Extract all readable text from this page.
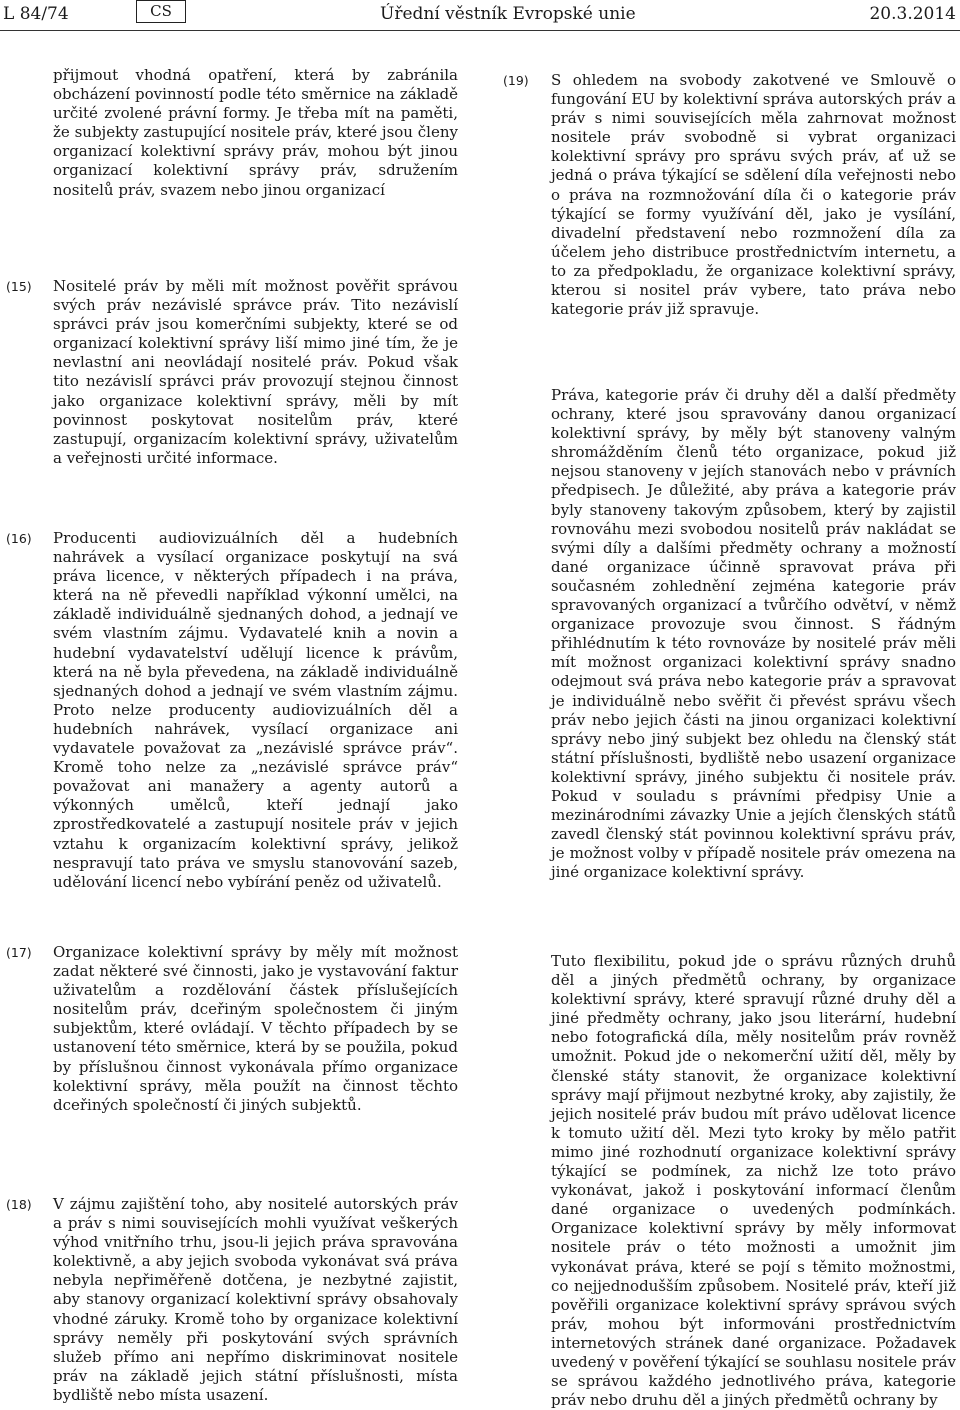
L 84/74	CS	Úřední věstník Evropské unie	20.3.2014

přijmout vhodná opatření, která by zabránila obcházení povinností podle této směrnice na základě určité zvolené právní formy. Je třeba mít na paměti, že subjekty zastupující nositele práv, které jsou členy organizací kolektivní správy práv, mohou být jinou organizací kolektivní správy práv, sdružením nositelů práv, svazem nebo jinou organizací

(15) Nositelé práv by měli mít možnost pověřit správou svých práv nezávislé správce práv. Tito nezávislí správci práv jsou komerčními subjekty, které se od organizací kolektivní správy liší mimo jiné tím, že je nevlastní ani neovládají nositelé práv. Pokud však tito nezávislí správci práv provozují stejnou činnost jako organizace kolektivní správy, měli by mít povinnost poskytovat nositelům práv, které zastupují, organizacím kolektivní správy, uživatelům a veřejnosti určité informace.

(16) Producenti audiovizuálních děl a hudebních nahrávek a vysílací organizace poskytují na svá práva licence, v některých případech i na práva, která na ně převedli například výkonní umělci, na základě individuálně sjednaných dohod, a jednají ve svém vlastním zájmu. Vydavatelé knih a novin a hudební vydavatelství udělují licence k právům, která na ně byla převedena, na základě individuálně sjednaných dohod a jednají ve svém vlastním zájmu. Proto nelze producenty audiovizuálních děl a hudebních nahrávek, vysílací organizace ani vydavatele považovat za „nezávislé správce práv“. Kromě toho nelze za „nezávislé správce práv“ považovat ani manažery a agenty autorů a výkonných umělců, kteří jednají jako zprostředkovatelé a zastupují nositele práv v jejich vztahu k organizacím kolektivní správy, jelikož nespravují tato práva ve smyslu stanovování sazeb, udělování licencí nebo vybírání peněz od uživatelů.

(19) S ohledem na svobody zakotvené ve Smlouvě o fungování EU by kolektivní správa autorských práv a práv s nimi souvisejících měla zahrnovat možnost nositele práv svobodně si vybrat organizaci kolektivní správy pro správu svých práv, ať už se jedná o práva týkající se sdělení díla veřejnosti nebo o práva na rozmnožování díla či o kategorie práv týkající se formy využívání děl, jako je vysílání, divadelní představení nebo rozmnožení díla za účelem jeho distribuce prostřednictvím internetu, a to za předpokladu, že organizace kolektivní správy, kterou si nositel práv vybere, tato práva nebo kategorie práv již spravuje.

Práva, kategorie práv či druhy děl a další předměty ochrany, které jsou spravovány danou organizací kolektivní správy, by měly být stanoveny valným shromážděním členů této organizace, pokud již nejsou stanoveny v jejích stanovách nebo v právních předpisech. Je důležité, aby práva a kategorie práv byly stanoveny takovým způsobem, který by zajistil rovnováhu mezi svobodou nositelů práv nakládat se svými díly a dalšími předměty ochrany a možností dané organizace účinně spravovat práva při současném zohlednění zejména kategorie práv spravovaných organizací a tvůrčího odvětví, v němž organizace provozuje svou činnost. S řádným přihlédnutím k této rovnováze by nositelé práv měli mít možnost organizaci kolektivní správy snadno odejmout svá práva nebo kategorie práv a spravovat je individuálně nebo svěřit či převést správu všech práv nebo jejich části na jinou organizaci kolektivní správy nebo jiný subjekt bez ohledu na členský stát státní příslušnosti, bydliště nebo usazení organizace kolektivní správy, jiného subjektu či nositele práv. Pokud v souladu s právními předpisy Unie a mezinárodními závazky Unie a jejích členských států zavedl členský stát povinnou kolektivní správu práv, je možnost volby v případě nositele práv omezena na jiné organizace kolektivní správy.

(17) Organizace kolektivní správy by měly mít možnost zadat některé své činnosti, jako je vystavování faktur uživatelům a rozdělování částek příslušejících nositelům práv, dceřiným společnostem či jiným subjektům, které ovládají. V těchto případech by se ustanovení této směrnice, která by se použila, pokud by příslušnou činnost vykonávala přímo organizace kolektivní správy, měla použít na činnost těchto dceřiných společností či jiných subjektů.

(18) V zájmu zajištění toho, aby nositelé autorských práv a práv s nimi souvisejících mohli využívat veškerých výhod vnitřního trhu, jsou-li jejich práva spravována kolektivně, a aby jejich svoboda vykonávat svá práva nebyla nepřiměřeně dotčena, je nezbytné zajistit, aby stanovy organizací kolektivní správy obsahovaly vhodné záruky. Kromě toho by organizace kolektivní správy neměly při poskytování svých správních služeb přímo ani nepřímo diskriminovat nositele práv na základě jejich státní příslušnosti, místa bydliště nebo místa usazení.

Tuto flexibilitu, pokud jde o správu různých druhů děl a jiných předmětů ochrany, by organizace kolektivní správy, které spravují různé druhy děl a jiné předměty ochrany, jako jsou literární, hudební nebo fotografická díla, měly nositelům práv rovněž umožnit. Pokud jde o nekomerční užití děl, měly by členské státy stanovit, že organizace kolektivní správy mají přijmout nezbytné kroky, aby zajistily, že jejich nositelé práv budou mít právo udělovat licence k tomuto užití děl. Mezi tyto kroky by mělo patřit mimo jiné rozhodnutí organizace kolektivní správy týkající se podmínek, za nichž lze toto právo vykonávat, jakož i poskytování informací členům dané organizace o uvedených podmínkách. Organizace kolektivní správy by měly informovat nositele práv o této možnosti a umožnit jim vykonávat práva, které se pojí s těmito možnostmi, co nejjednodušším způsobem. Nositelé práv, kteří již pověřili organizace kolektivní správy správou svých práv, mohou být informováni prostřednictvím internetových stránek dané organizace. Požadavek uvedený v pověření týkající se souhlasu nositele práv se správou každého jednotlivého práva, kategorie práv nebo druhu děl a jiných předmětů ochrany by
